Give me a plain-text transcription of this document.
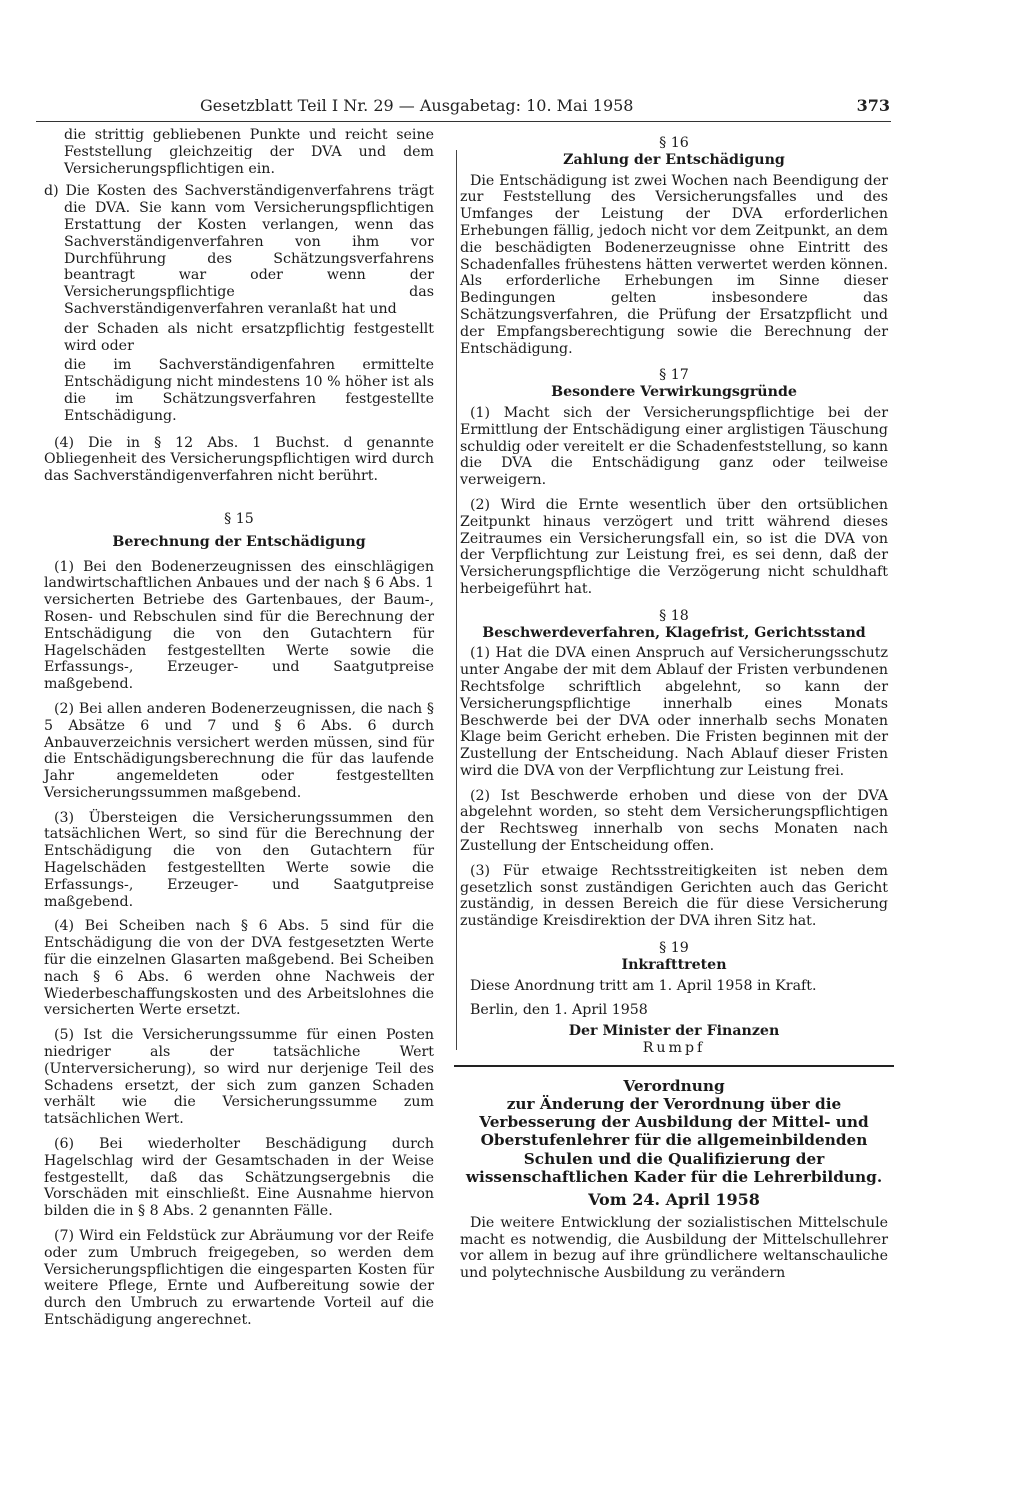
Gesetzblatt Teil I Nr. 29 — Ausgabetag: 10. Mai 1958	373

die strittig gebliebenen Punkte und reicht seine Feststellung gleichzeitig der DVA und dem Versicherungspflichtigen ein.

d) Die Kosten des Sachverständigenverfahrens trägt die DVA. Sie kann vom Versicherungspflichtigen Erstattung der Kosten verlangen, wenn das Sachverständigenverfahren von ihm vor Durchführung des Schätzungsverfahrens beantragt war oder wenn der Versicherungspflichtige das Sachverständigenverfahren veranlaßt hat und

der Schaden als nicht ersatzpflichtig festgestellt wird oder

die im Sachverständigenfahren ermittelte Entschädigung nicht mindestens 10 % höher ist als die im Schätzungsverfahren festgestellte Entschädigung.

(4) Die in § 12 Abs. 1 Buchst. d genannte Obliegenheit des Versicherungspflichtigen wird durch das Sachverständigenverfahren nicht berührt.

§ 15

Berechnung der Entschädigung

(1) Bei den Bodenerzeugnissen des einschlägigen landwirtschaftlichen Anbaues und der nach § 6 Abs. 1 versicherten Betriebe des Gartenbaues, der Baum-, Rosen- und Rebschulen sind für die Berechnung der Entschädigung die von den Gutachtern für Hagelschäden festgestellten Werte sowie die Erfassungs-, Erzeuger- und Saatgutpreise maßgebend.

(2) Bei allen anderen Bodenerzeugnissen, die nach § 5 Absätze 6 und 7 und § 6 Abs. 6 durch Anbauverzeichnis versichert werden müssen, sind für die Entschädigungsberechnung die für das laufende Jahr angemeldeten oder festgestellten Versicherungssummen maßgebend.

(3) Übersteigen die Versicherungssummen den tatsächlichen Wert, so sind für die Berechnung der Entschädigung die von den Gutachtern für Hagelschäden festgestellten Werte sowie die Erfassungs-, Erzeuger- und Saatgutpreise maßgebend.

(4) Bei Scheiben nach § 6 Abs. 5 sind für die Entschädigung die von der DVA festgesetzten Werte für die einzelnen Glasarten maßgebend. Bei Scheiben nach § 6 Abs. 6 werden ohne Nachweis der Wiederbeschaffungskosten und des Arbeitslohnes die versicherten Werte ersetzt.

(5) Ist die Versicherungssumme für einen Posten niedriger als der tatsächliche Wert (Unterversicherung), so wird nur derjenige Teil des Schadens ersetzt, der sich zum ganzen Schaden verhält wie die Versicherungssumme zum tatsächlichen Wert.

(6) Bei wiederholter Beschädigung durch Hagelschlag wird der Gesamtschaden in der Weise festgestellt, daß das Schätzungsergebnis die Vorschäden mit einschließt. Eine Ausnahme hiervon bilden die in § 8 Abs. 2 genannten Fälle.

(7) Wird ein Feldstück zur Abräumung vor der Reife oder zum Umbruch freigegeben, so werden dem Versicherungspflichtigen die eingesparten Kosten für weitere Pflege, Ernte und Aufbereitung sowie der durch den Umbruch zu erwartende Vorteil auf die Entschädigung angerechnet.

§ 16

Zahlung der Entschädigung

Die Entschädigung ist zwei Wochen nach Beendigung der zur Feststellung des Versicherungsfalles und des Umfanges der Leistung der DVA erforderlichen Erhebungen fällig, jedoch nicht vor dem Zeitpunkt, an dem die beschädigten Bodenerzeugnisse ohne Eintritt des Schadenfalles frühestens hätten verwertet werden können. Als erforderliche Erhebungen im Sinne dieser Bedingungen gelten insbesondere das Schätzungsverfahren, die Prüfung der Ersatzpflicht und der Empfangsberechtigung sowie die Berechnung der Entschädigung.

§ 17

Besondere Verwirkungsgründe

(1) Macht sich der Versicherungspflichtige bei der Ermittlung der Entschädigung einer arglistigen Täuschung schuldig oder vereitelt er die Schadenfeststellung, so kann die DVA die Entschädigung ganz oder teilweise verweigern.

(2) Wird die Ernte wesentlich über den ortsüblichen Zeitpunkt hinaus verzögert und tritt während dieses Zeitraumes ein Versicherungsfall ein, so ist die DVA von der Verpflichtung zur Leistung frei, es sei denn, daß der Versicherungspflichtige die Verzögerung nicht schuldhaft herbeigeführt hat.

§ 18

Beschwerdeverfahren, Klagefrist, Gerichtsstand

(1) Hat die DVA einen Anspruch auf Versicherungsschutz unter Angabe der mit dem Ablauf der Fristen verbundenen Rechtsfolge schriftlich abgelehnt, so kann der Versicherungspflichtige innerhalb eines Monats Beschwerde bei der DVA oder innerhalb sechs Monaten Klage beim Gericht erheben. Die Fristen beginnen mit der Zustellung der Entscheidung. Nach Ablauf dieser Fristen wird die DVA von der Verpflichtung zur Leistung frei.

(2) Ist Beschwerde erhoben und diese von der DVA abgelehnt worden, so steht dem Versicherungspflichtigen der Rechtsweg innerhalb von sechs Monaten nach Zustellung der Entscheidung offen.

(3) Für etwaige Rechtsstreitigkeiten ist neben dem gesetzlich sonst zuständigen Gerichten auch das Gericht zuständig, in dessen Bereich die für diese Versicherung zuständige Kreisdirektion der DVA ihren Sitz hat.

§ 19

Inkrafttreten

Diese Anordnung tritt am 1. April 1958 in Kraft.

Berlin, den 1. April 1958

Der Minister der Finanzen

Rumpf

Verordnung

zur Änderung der Verordnung über die Verbesserung der Ausbildung der Mittel- und Oberstufenlehrer für die allgemeinbildenden Schulen und die Qualifizierung der wissenschaftlichen Kader für die Lehrerbildung.

Vom 24. April 1958

Die weitere Entwicklung der sozialistischen Mittelschule macht es notwendig, die Ausbildung der Mittelschullehrer vor allem in bezug auf ihre gründlichere weltanschauliche und polytechnische Ausbildung zu verändern
